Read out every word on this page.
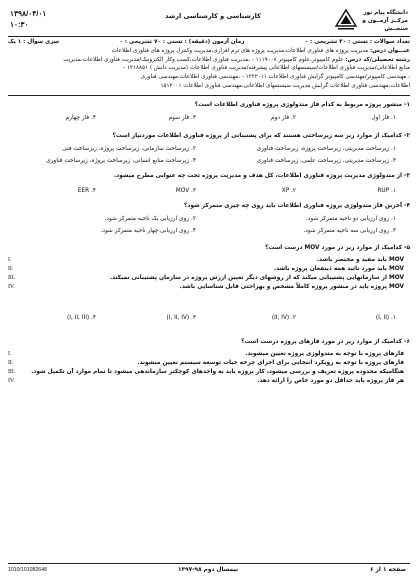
۱۳۹۸/۰۴/۰۱
۱۰:۳۰
کارشناسی و کارشناسی ارشد	دانشگاه پیام نور
مرکــز آزمــون و سنجــش
تعداد سوالات : تستی : ۳۰ تشریحی : ۰
زمان آزمون (دقیقه) : تستی : ۷۰ تشریحی : ۰
سری سوال : ۱ یک
عنـــوان درس: مدیریت پروژه های فناوری اطلاعات،مدیریت پروژه های نرم افزاری،مدیریت وکنترل پروژه های فناوری اطلاعات
رشته تحصیلی/کد درس: علوم کامپیوتر،علوم کامپیوتر ۱۱۱۹۰۰۸ - ،مدیریت فناوری اطلاعات،کسب وکار الکترونیک/مدیریت فناوری اطلاعات،مدیریت
منابع اطلاعاتی/مدیریت فناوری اطلاعات/سیستمهای اطلاعاتی پیشرفته/مدیریت فناوری اطلاعات (مدیریت دانش ) ۱۲۱۸۸۵۱ -
، مهندسی کامپیوتر/مهندسی کامپیوتر گرایش فناوری اطلاعات ۱۳۲۲۰۱۱ - ،مهندسی فناوری اطلاعات،مهندسی فناوری
اطلاعات،مهندسی فناوری اطلاعات گرایش مدیریت سیستمهای اطلاعاتی،مهندسی فناوری اطلاعات ۱۵۱۲۰۰۱
۱- منشور پروژه مربوط به کدام فاز متدولوژی پروژه فناوری اطلاعات است؟
۱. فاز اول
۲. فاز دوم
۳. فاز سوم
۴. فاز چهارم
۲- کدامیک از موارد زیر سه زیرساختی هستند که برای پشتیبانی از پروژه فناوری اطلاعات موردنیاز است؟
۱. زیرساخت مدیریتی، زیرساخت پروژه، زیرساخت فناوری
۲. زیرساخت سازمانی، زیرساخت پروژه، زیرساخت فنی
۳. زیرساخت مدیریتی، زیرساخت علمی، زیرساخت فناوری
۴. زیرساخت منابع انسانی، زیرساخت پروژه، زیرساخت فناوری
۳- از متدولوژی مدیریت پروژه فناوری اطلاعات، کل هدف و مدیریت پروژه تحت چه عنوانی مطرح میشود.
۱. RUP
۲. XP
۳. MOV
۴. EER
۴- آخرین فاز متدولوژی پروژه فناوری اطلاعات باید روی چه چیزی متمرکز شود؟
۱. روی ارزیابی دو ناحیه متمرکز شود.
۲. روی ارزیابی یک ناحیه متمرکز شود.
۳. روی ارزیابی سه ناحیه متمرکز شود.
۴. روی ارزیابی چهار ناحیه متمرکز شود.
۵- کدامیک از موارد زیر در مورد MOV درست است؟
MOV باید مفید و مختصر باشد.
I.
MOV باید مورد تائید همه ذینفعان پروژه باشد.
II.
MOV از سازمانهایی پشتیبانی میکند که از روشهای دیگر تعیین ارزش پروژه در سازمان پشتیبانی نمیکند.
III.
MOV پروژه باید در منشور پروژه کاملاً مشخص و بهراحتی قابل شناسایی باشد.
IV.
۱. (I, II)
۲. (II, IV)
۳. (I, II, IV)
۴. (I, II, III)
۶- کدامیک از موارد زیر در مورد فازهای پروژه درست است؟
فازهای پروژه با توجه به متدولوژی پروژه تعیین میشوند.
I.
فازهای پروژه با توجه به رویکرد انتخابی برای اجرای چرخه حیات توسعه سیستم تعیین میشوند.
II.
هنگامیکه محدوده پروژه تعریف و بررسی میشود، کار پروژه باید به واحدهای کوچکتر سازماندهی میشود تا تمام موارد آن تکمیل شود.
III.
هر فاز پروژه باید حداقل دو مورد خاص را ارائه دهد.
IV.
صفحه ۱ از ۶
نیمسال دوم ۹۸-۱۳۹۷
1010/101082648
